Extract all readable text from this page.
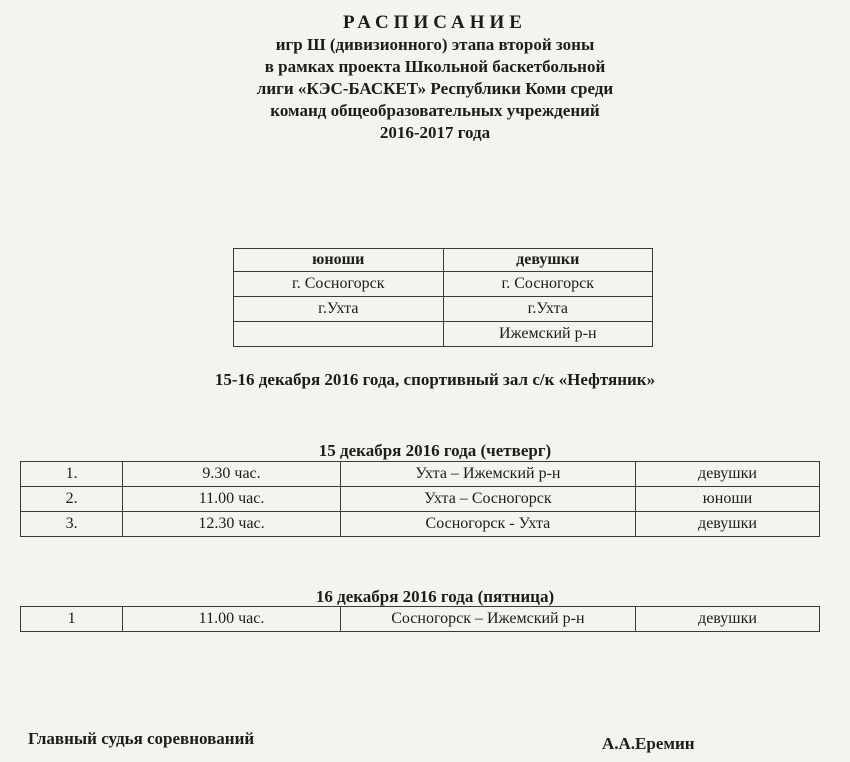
РАСПИСАНИЕ
игр Ш (дивизионного) этапа второй зоны
в рамках проекта Школьной баскетбольной
лиги «КЭС-БАСКЕТ» Республики Коми среди
команд общеобразовательных учреждений
2016-2017 года
юноши	девушки
г. Сосногорск	г. Сосногорск
г.Ухта	г.Ухта
	Ижемский р-н
15-16 декабря 2016 года, спортивный зал с/к «Нефтяник»
15 декабря 2016 года (четверг)
1.	9.30 час.	Ухта – Ижемский р-н	девушки
2.	11.00 час.	Ухта – Сосногорск	юноши
3.	12.30 час.	Сосногорск - Ухта	девушки
16 декабря 2016 года (пятница)
1	11.00 час.	Сосногорск – Ижемский р-н	девушки
Главный судья соревнований	А.А.Еремин
